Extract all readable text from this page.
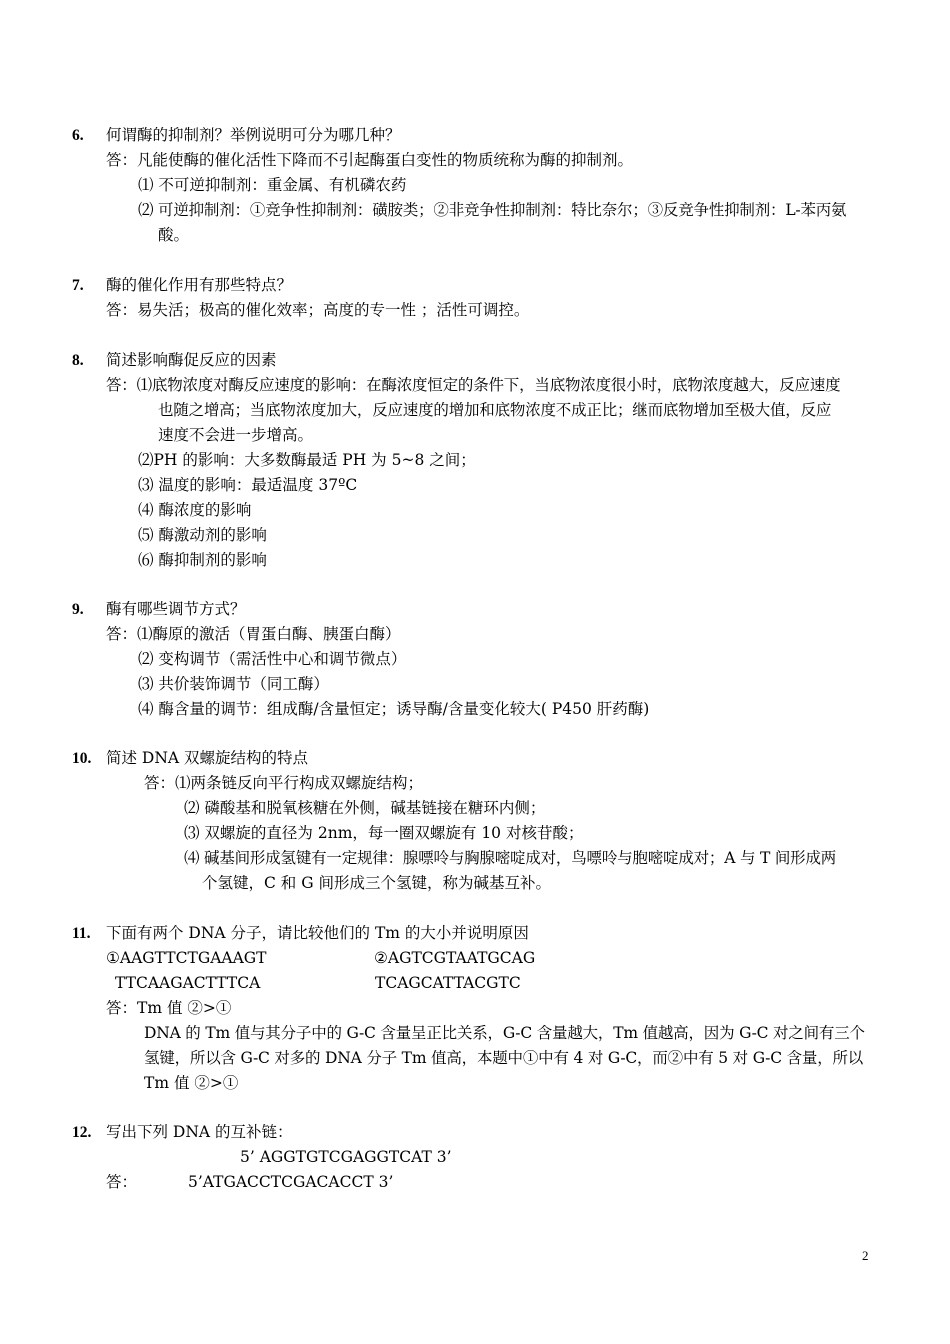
6. 何谓酶的抑制剂？举例说明可分为哪几种？
答：凡能使酶的催化活性下降而不引起酶蛋白变性的物质统称为酶的抑制剂。
⑴ 不可逆抑制剂：重金属、有机磷农药
⑵ 可逆抑制剂：①竞争性抑制剂：磺胺类；②非竞争性抑制剂：特比奈尔；③反竞争性抑制剂：L-苯丙氨
酸。
7. 酶的催化作用有那些特点？
答：易失活；极高的催化效率；高度的专一性 ；活性可调控。
8. 简述影响酶促反应的因素
答：⑴底物浓度对酶反应速度的影响：在酶浓度恒定的条件下，当底物浓度很小时，底物浓度越大，反应速度
也随之增高；当底物浓度加大，反应速度的增加和底物浓度不成正比；继而底物增加至极大值，反应
速度不会进一步增高。
⑵PH 的影响：大多数酶最适 PH 为 5~8 之间；
⑶ 温度的影响：最适温度 37ºC
⑷ 酶浓度的影响
⑸ 酶激动剂的影响
⑹ 酶抑制剂的影响
9. 酶有哪些调节方式？
答：⑴酶原的激活（胃蛋白酶、胰蛋白酶）
⑵ 变构调节（需活性中心和调节微点）
⑶ 共价装饰调节（同工酶）
⑷ 酶含量的调节：组成酶/含量恒定；诱导酶/含量变化较大( P450 肝药酶)
10. 简述 DNA 双螺旋结构的特点
答：⑴两条链反向平行构成双螺旋结构；
⑵ 磷酸基和脱氧核糖在外侧，碱基链接在糖环内侧；
⑶ 双螺旋的直径为 2nm，每一圈双螺旋有 10 对核苷酸；
⑷ 碱基间形成氢键有一定规律：腺嘌呤与胸腺嘧啶成对，鸟嘌呤与胞嘧啶成对；A 与 T 间形成两
个氢键，C 和 G 间形成三个氢键，称为碱基互补。
11. 下面有两个 DNA 分子，请比较他们的 Tm 的大小并说明原因
①AAGTTCTGAAAGT	②AGTCGTAATGCAG
TTCAAGACTTTCA	TCAGCATTACGTC
答：Tm 值 ②>①
DNA 的 Tm 值与其分子中的 G-C 含量呈正比关系，G-C 含量越大，Tm 值越高，因为 G-C 对之间有三个
氢键，所以含 G-C 对多的 DNA 分子 Tm 值高，本题中①中有 4 对 G-C，而②中有 5 对 G-C 含量，所以
Tm 值 ②>①
12. 写出下列 DNA 的互补链：
5’ AGGTGTCGAGGTCAT 3’
答：	5’ATGACCTCGACACCT 3’
2
